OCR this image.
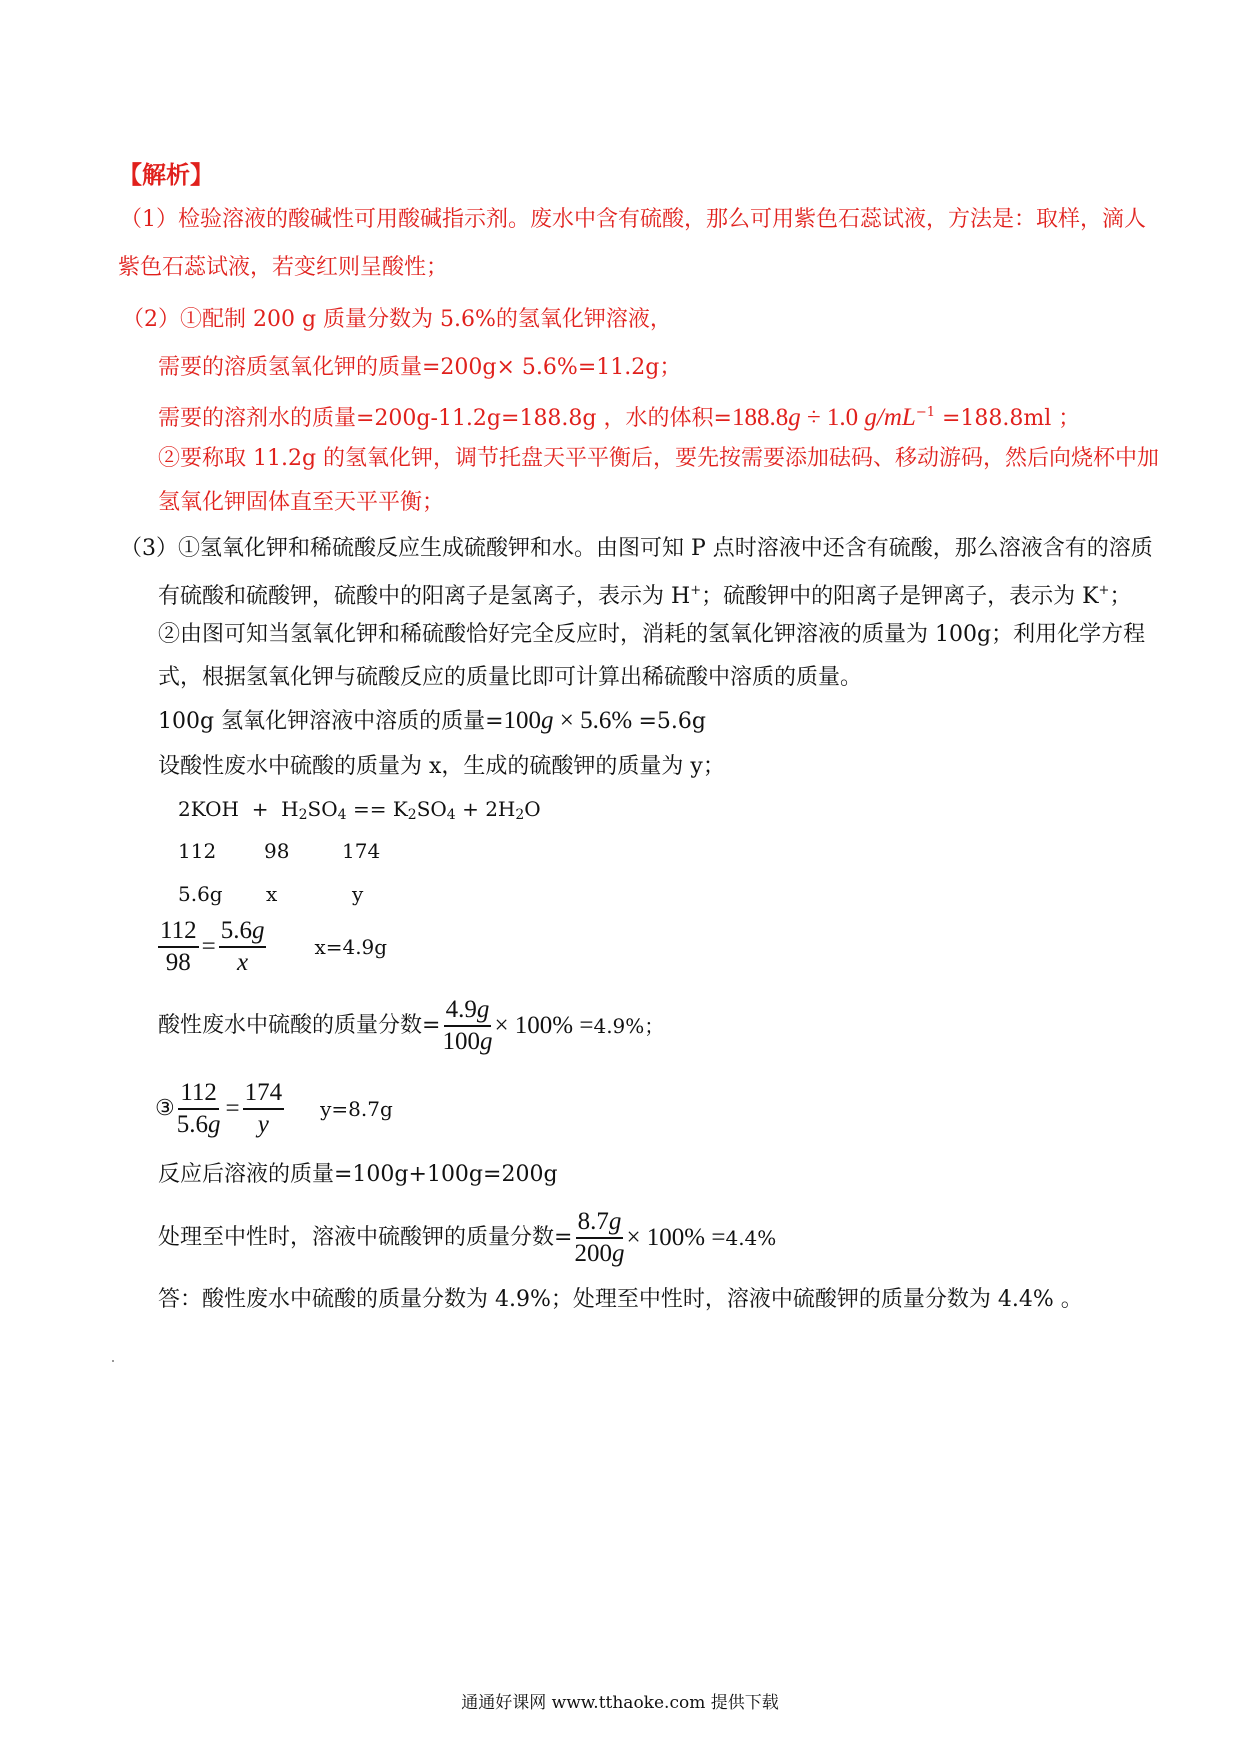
【解析】
（1）检验溶液的酸碱性可用酸碱指示剂。废水中含有硫酸，那么可用紫色石蕊试液，方法是：取样，滴人
紫色石蕊试液，若变红则呈酸性；
（2）①配制 200 g 质量分数为 5.6%的氢氧化钾溶液，
需要的溶质氢氧化钾的质量=200g× 5.6%=11.2g；
需要的溶剂水的质量=200g-11.2g=188.8g ，水的体积=188.8g ÷ 1.0 $g/mL^{-1} =188.8ml$ ；
②要称取 11.2g 的氢氧化钾，调节托盘天平平衡后，要先按需要添加砝码、移动游码，然后向烧杯中加
氢氧化钾固体直至天平平衡；
（3）①氢氧化钾和稀硫酸反应生成硫酸钾和水。由图可知 P 点时溶液中还含有硫酸，那么溶液含有的溶质
有硫酸和硫酸钾，硫酸中的阳离子是氢离子，表示为 H+；硫酸钾中的阳离子是钾离子，表示为 K+；
②由图可知当氢氧化钾和稀硫酸恰好完全反应时，消耗的氢氧化钾溶液的质量为 100g；利用化学方程
式，根据氢氧化钾与硫酸反应的质量比即可计算出稀硫酸中溶质的质量。
100g 氢氧化钾溶液中溶质的质量=100g × 5.6% =5.6g
设酸性废水中硫酸的质量为 x，生成的硫酸钾的质量为 y；
$2KOH + H_2SO_4 == K_2SO_4 + 2H_2O$
112 98	174
5.6g x	y
$\frac{112}{98} = \frac{5.6g}{x} x=4.9g$
酸性废水中硫酸的质量分数= $\frac{4.9g}{100g} \times 100\% = 4.9\%$；
③ $\frac{112}{5.6g} = \frac{174}{y} y=8.7g$
反应后溶液的质量=100g+100g=200g
处理至中性时，溶液中硫酸钾的质量分数= $\frac{8.7g}{200g} \times 100\% = 4.4\%$
答：酸性废水中硫酸的质量分数为 4.9%；处理至中性时，溶液中硫酸钾的质量分数为 4.4% 。
通通好课网 www.tthaoke.com 提供下载
